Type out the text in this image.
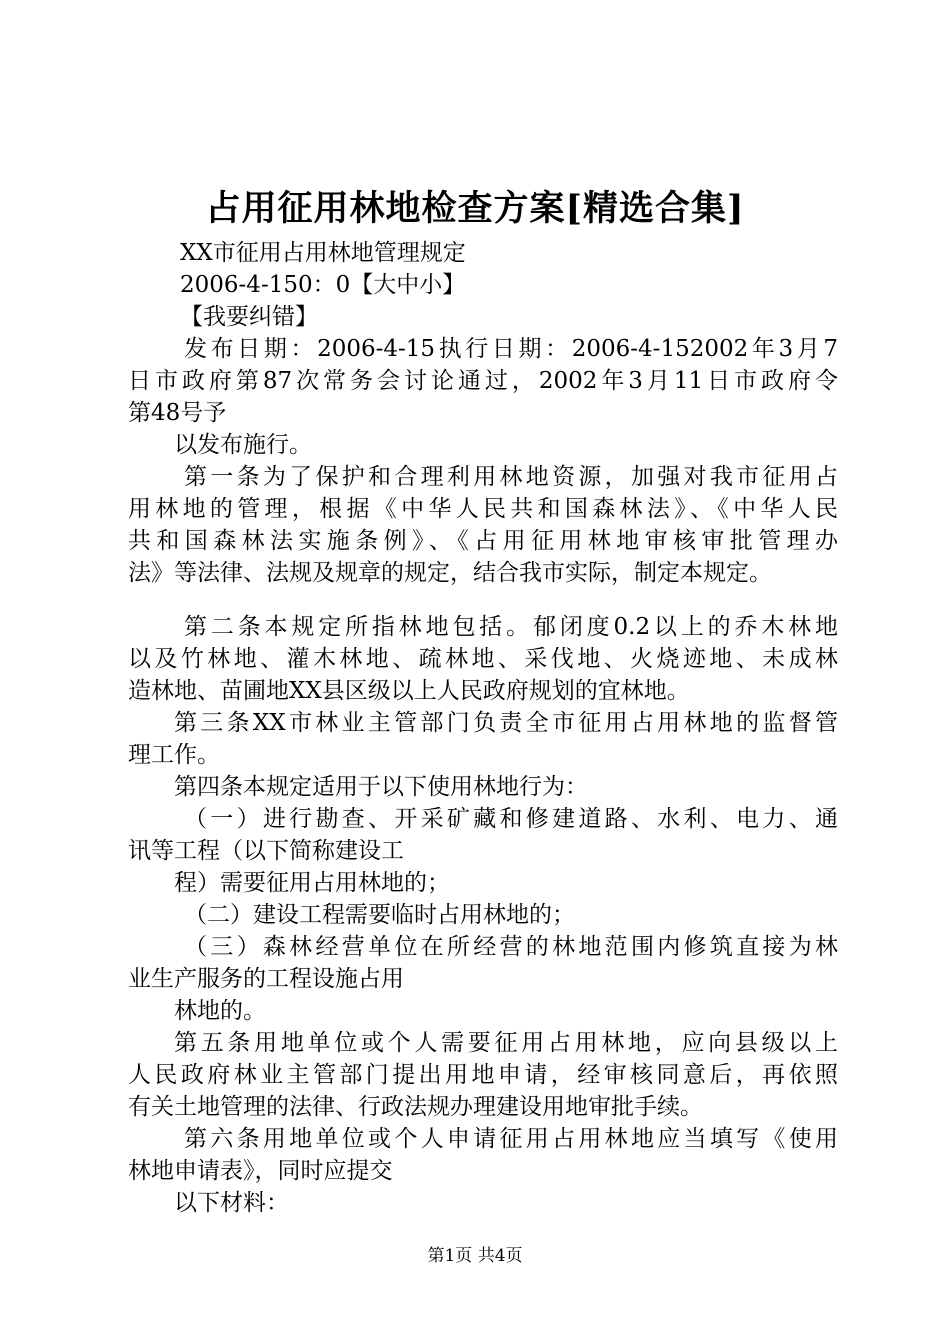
占用征用林地检查方案[精选合集]
XX市征用占用林地管理规定
2006-4-150：0【大中小】
【我要纠错】
发布日期：2006-4-15执行日期：2006-4-152002年3月7
日市政府第87次常务会讨论通过，2002年3月11日市政府令
第48号予
以发布施行。
第一条为了保护和合理利用林地资源，加强对我市征用占
用林地的管理，根据《中华人民共和国森林法》、《中华人民
共和国森林法实施条例》、《占用征用林地审核审批管理办
法》等法律、法规及规章的规定，结合我市实际，制定本规定。
第二条本规定所指林地包括。郁闭度0.2以上的乔木林地
以及竹林地、灌木林地、疏林地、采伐地、火烧迹地、未成林
造林地、苗圃地XX县区级以上人民政府规划的宜林地。
第三条XX市林业主管部门负责全市征用占用林地的监督管
理工作。
第四条本规定适用于以下使用林地行为：
（一）进行勘查、开采矿藏和修建道路、水利、电力、通
讯等工程（以下简称建设工
程）需要征用占用林地的；
（二）建设工程需要临时占用林地的；
（三）森林经营单位在所经营的林地范围内修筑直接为林
业生产服务的工程设施占用
林地的。
第五条用地单位或个人需要征用占用林地，应向县级以上
人民政府林业主管部门提出用地申请，经审核同意后，再依照
有关土地管理的法律、行政法规办理建设用地审批手续。
第六条用地单位或个人申请征用占用林地应当填写《使用
林地申请表》，同时应提交
以下材料：
第1页 共4页
